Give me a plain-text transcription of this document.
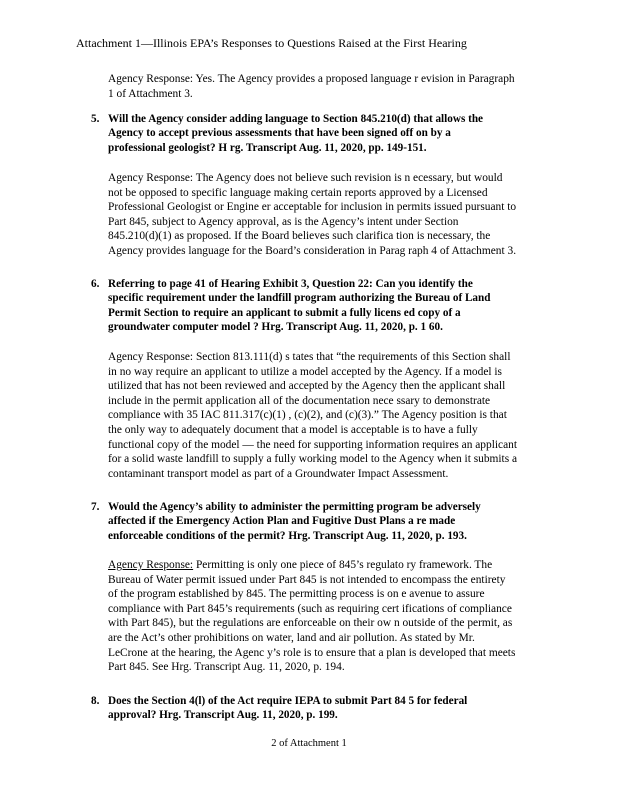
Attachment 1—Illinois EPA’s Responses to Questions Raised at the First Hearing

Agency Response: Yes. The Agency provides a proposed language r evision in Paragraph

1 of Attachment 3.

5. Will the Agency consider adding language to Section 845.210(d) that allows the
Agency to accept previous assessments that have been signed off on by a
professional geologist? H rg. Transcript Aug. 11, 2020, pp. 149-151.

Agency Response: The Agency does not believe such revision is n ecessary, but would

not be opposed to specific language making certain reports approved by a Licensed

Professional Geologist or Engine er acceptable for inclusion in permits issued pursuant to

Part 845, subject to Agency approval, as is the Agency’s intent under Section

845.210(d)(1) as proposed. If the Board believes such clarifica tion is necessary, the

Agency provides language for the Board’s consideration in Parag raph 4 of Attachment 3.

6. Referring to page 41 of Hearing Exhibit 3, Question 22: Can you identify the
specific requirement under the landfill program authorizing the Bureau of Land
Permit Section to require an applicant to submit a fully licens ed copy of a
groundwater computer model ? Hrg. Transcript Aug. 11, 2020, p. 1 60.

Agency Response: Section 813.111(d) s tates that “the requirements of this Section shall

in no way require an applicant to utilize a model accepted by the Agency. If a model is

utilized that has not been reviewed and accepted by the Agency then the applicant shall

include in the permit application all of the documentation nece ssary to demonstrate

compliance with 35 IAC 811.317(c)(1) , (c)(2), and (c)(3).” The Agency position is that

the only way to adequately document that a model is acceptable is to have a fully

functional copy of the model — the need for supporting information requires an applicant

for a solid waste landfill to supply a fully working model to the Agency when it submits a

contaminant transport model as part of a Groundwater Impact Assessment.

7. Would the Agency’s ability to administer the permitting program be adversely
affected if the Emergency Action Plan and Fugitive Dust Plans a re made
enforceable conditions of the permit? Hrg. Transcript Aug. 11, 2020, p. 193.

Agency Response: Permitting is only one piece of 845’s regulato ry framework. The

Bureau of Water permit issued under Part 845 is not intended to encompass the entirety

of the program established by 845. The permitting process is on e avenue to assure

compliance with Part 845’s requirements (such as requiring cert ifications of compliance

with Part 845), but the regulations are enforceable on their ow n outside of the permit, as

are the Act’s other prohibitions on water, land and air pollution. As stated by Mr.

LeCrone at the hearing, the Agenc y’s role is to ensure that a plan is developed that meets

Part 845. See Hrg. Transcript Aug. 11, 2020, p. 194.

8. Does the Section 4(l) of the Act require IEPA to submit Part 84 5 for federal
approval? Hrg. Transcript Aug. 11, 2020, p. 199.
2 of Attachment 1
